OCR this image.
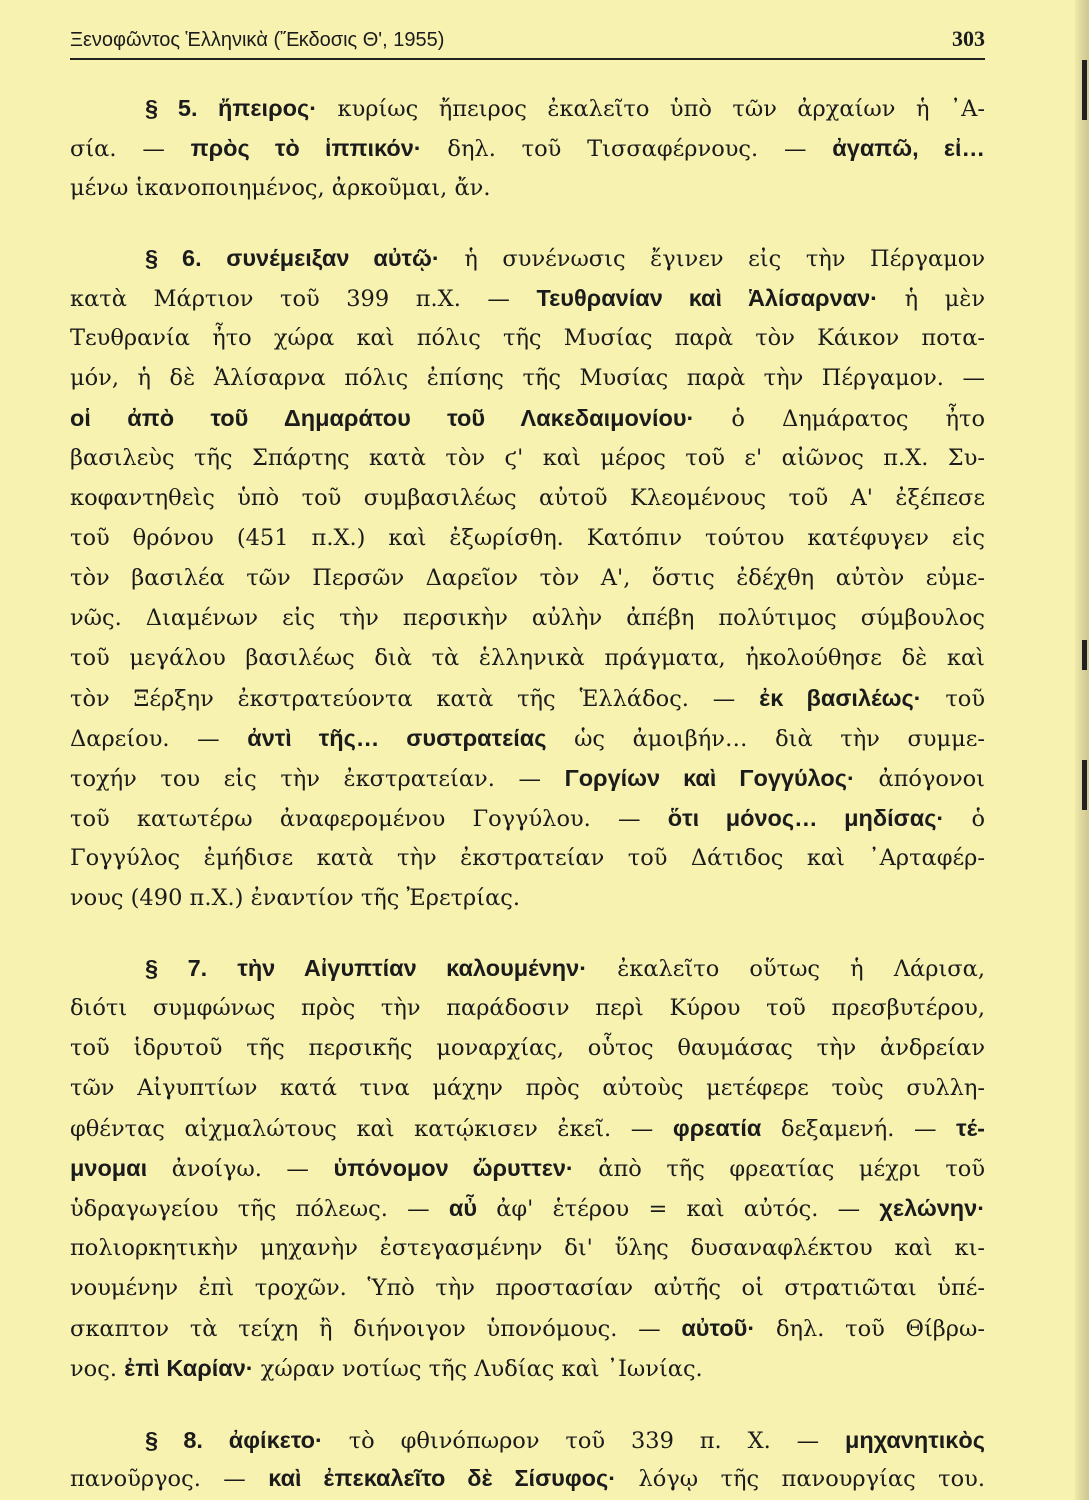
Ξενοφῶντος Ἑλληνικὰ (Ἔκδοσις Θ', 1955)	303
§ 5. ἤπειρος· κυρίως ἤπειρος ἐκαλεῖτο ὑπὸ τῶν ἀρχαίων ἡ ᾿Α-
σία. — πρὸς τὸ ἱππικόν· δηλ. τοῦ Τισσαφέρνους. — ἀγαπῶ, εἰ…
μένω ἱκανοποιημένος, ἀρκοῦμαι, ἄν.
§ 6. συνέμειξαν αὐτῷ· ἡ συνένωσις ἔγινεν εἰς τὴν Πέργαμον
κατὰ Μάρτιον τοῦ 399 π.Χ. — Τευθρανίαν καὶ Ἁλίσαρναν· ἡ μὲν
Τευθρανία ἦτο χώρα καὶ πόλις τῆς Μυσίας παρὰ τὸν Κάικον ποτα-
μόν, ἡ δὲ Ἁλίσαρνα πόλις ἐπίσης τῆς Μυσίας παρὰ τὴν Πέργαμον. —
οἱ ἀπὸ τοῦ Δημαράτου τοῦ Λακεδαιμονίου· ὁ Δημάρατος ἦτο
βασιλεὺς τῆς Σπάρτης κατὰ τὸν ϛ' καὶ μέρος τοῦ ε' αἰῶνος π.Χ. Συ-
κοφαντηθεὶς ὑπὸ τοῦ συμβασιλέως αὐτοῦ Κλεομένους τοῦ Α' ἐξέπεσε
τοῦ θρόνου (451 π.Χ.) καὶ ἐξωρίσθη. Κατόπιν τούτου κατέφυγεν εἰς
τὸν βασιλέα τῶν Περσῶν Δαρεῖον τὸν Α', ὅστις ἐδέχθη αὐτὸν εὐμε-
νῶς. Διαμένων εἰς τὴν περσικὴν αὐλὴν ἀπέβη πολύτιμος σύμβουλος
τοῦ μεγάλου βασιλέως διὰ τὰ ἑλληνικὰ πράγματα, ἠκολούθησε δὲ καὶ
τὸν Ξέρξην ἐκστρατεύοντα κατὰ τῆς Ἑλλάδος. — ἐκ βασιλέως· τοῦ
Δαρείου. — ἀντὶ τῆς… συστρατείας ὡς ἀμοιβήν… διὰ τὴν συμμε-
τοχήν του εἰς τὴν ἐκστρατείαν. — Γοργίων καὶ Γογγύλος· ἀπόγονοι
τοῦ κατωτέρω ἀναφερομένου Γογγύλου. — ὅτι μόνος… μηδίσας· ὁ
Γογγύλος ἐμήδισε κατὰ τὴν ἐκστρατείαν τοῦ Δάτιδος καὶ ᾿Αρταφέρ-
νους (490 π.Χ.) ἐναντίον τῆς Ἐρετρίας.
§ 7. τὴν Αἰγυπτίαν καλουμένην· ἐκαλεῖτο οὕτως ἡ Λάρισα,
διότι συμφώνως πρὸς τὴν παράδοσιν περὶ Κύρου τοῦ πρεσβυτέρου,
τοῦ ἱδρυτοῦ τῆς περσικῆς μοναρχίας, οὗτος θαυμάσας τὴν ἀνδρείαν
τῶν Αἰγυπτίων κατά τινα μάχην πρὸς αὐτοὺς μετέφερε τοὺς συλλη-
φθέντας αἰχμαλώτους καὶ κατῴκισεν ἐκεῖ. — φρεατία δεξαμενή. — τέ-
μνομαι ἀνοίγω. — ὑπόνομον ὤρυττεν· ἀπὸ τῆς φρεατίας μέχρι τοῦ
ὑδραγωγείου τῆς πόλεως. — αὖ ἀφ' ἑτέρου = καὶ αὐτός. — χελώνην·
πολιορκητικὴν μηχανὴν ἐστεγασμένην δι' ὕλης δυσαναφλέκτου καὶ κι-
νουμένην ἐπὶ τροχῶν. Ὑπὸ τὴν προστασίαν αὐτῆς οἱ στρατιῶται ὑπέ-
σκαπτον τὰ τείχη ἢ διήνοιγον ὑπονόμους. — αὐτοῦ· δηλ. τοῦ Θίβρω-
νος. ἐπὶ Καρίαν· χώραν νοτίως τῆς Λυδίας καὶ ᾿Ιωνίας.
§ 8. ἀφίκετο· τὸ φθινόπωρον τοῦ 339 π. Χ. — μηχανητικὸς
πανοῦργος. — καὶ ἐπεκαλεῖτο δὲ Σίσυφος· λόγῳ τῆς πανουργίας του.
